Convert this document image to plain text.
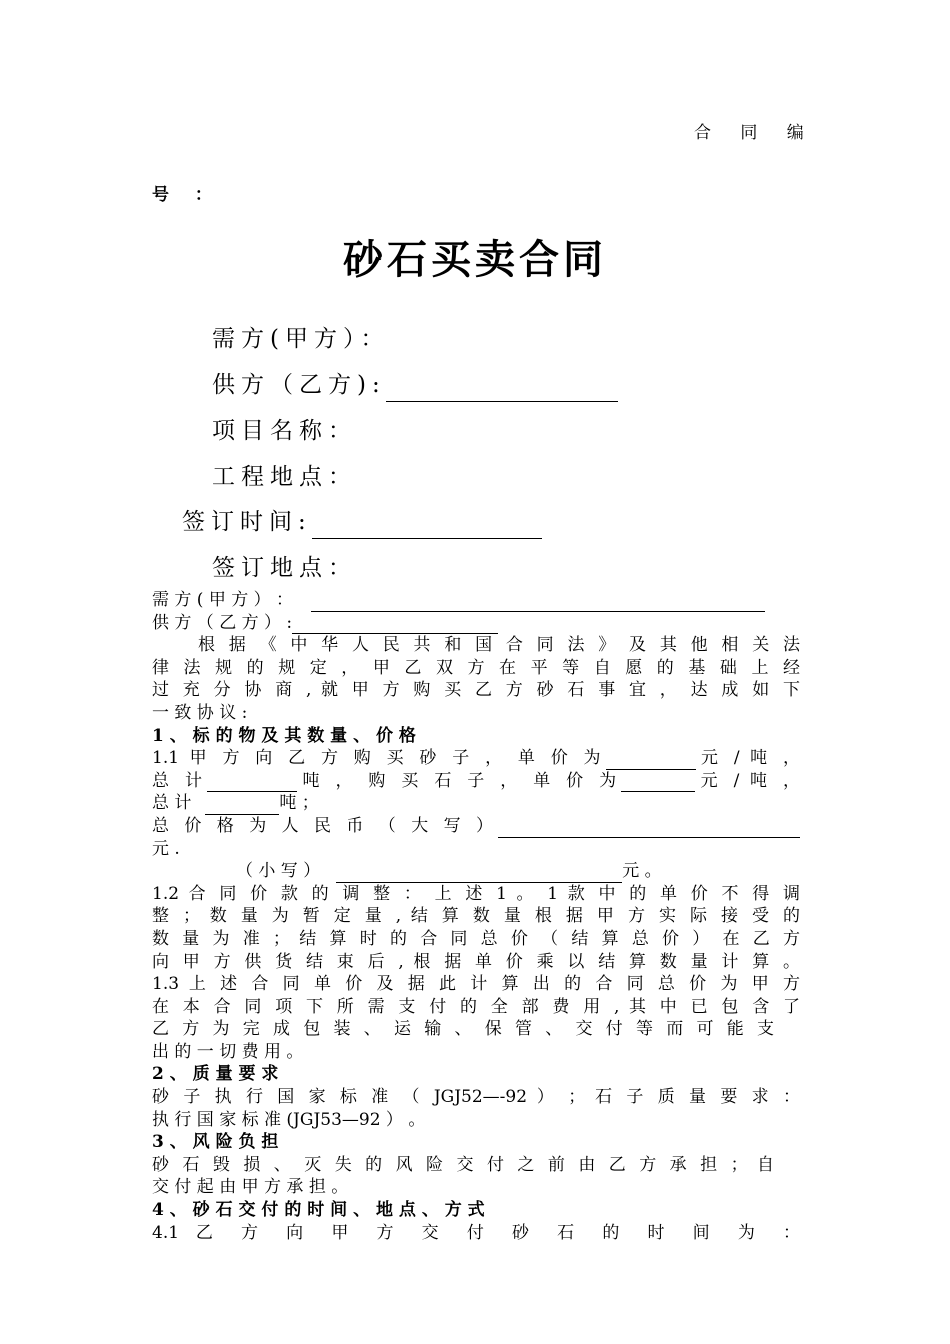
合 同 编
号 ：
砂石买卖合同
需方(甲方）：
供方（乙方):
项目名称：
工程地点：
签订时间:
签订地点：
需 方 ( 甲 方 ） ：
供 方 （ 乙 方 ） :
根 据 《 中 华 人 民 共 和 国 合 同 法 》 及 其 他 相 关 法
律 法 规 的 规 定 ， 甲 乙 双 方 在 平 等 自 愿 的 基 础 上 经
过 充 分 协 商 , 就 甲 方 购 买 乙 方 砂 石 事 宜 ， 达 成 如 下
一 致 协 议 :
1 、 标 的 物 及 其 数 量 、 价 格
1.1 甲 方 向 乙 方 购 买 砂 子 ， 单 价 为	元 / 吨 ，
总 计	吨 ， 购 买 石 子 ， 单 价 为	元 / 吨 ，
总 计	吨 ；
总 价 格 为 人 民 币 （ 大 写 ）
元 .
（ 小 写 ）	元 。
1.2 合 同 价 款 的 调 整 ： 上 述 1 。 1 款 中 的 单 价 不 得 调
整 ； 数 量 为 暂 定 量 , 结 算 数 量 根 据 甲 方 实 际 接 受 的
数 量 为 准 ； 结 算 时 的 合 同 总 价 （ 结 算 总 价 ） 在 乙 方
向 甲 方 供 货 结 束 后 , 根 据 单 价 乘 以 结 算 数 量 计 算 。
1.3 上 述 合 同 单 价 及 据 此 计 算 出 的 合 同 总 价 为 甲 方
在 本 合 同 项 下 所 需 支 付 的 全 部 费 用 , 其 中 已 包 含 了
乙 方 为 完 成 包 装 、 运 输 、 保 管 、 交 付 等 而 可 能 支
出 的 一 切 费 用 。
2 、 质 量 要 求
砂 子 执 行 国 家 标 准 （ JGJ52—-92 ） ； 石 子 质 量 要 求 ：
执 行 国 家 标 准 (JGJ53—92 ） 。
3 、 风 险 负 担
砂 石 毁 损 、 灭 失 的 风 险 交 付 之 前 由 乙 方 承 担 ； 自
交 付 起 由 甲 方 承 担 。
4 、 砂 石 交 付 的 时 间 、 地 点 、 方 式
4.1 乙 方 向 甲 方 交 付 砂 石 的 时 间 为 ：
